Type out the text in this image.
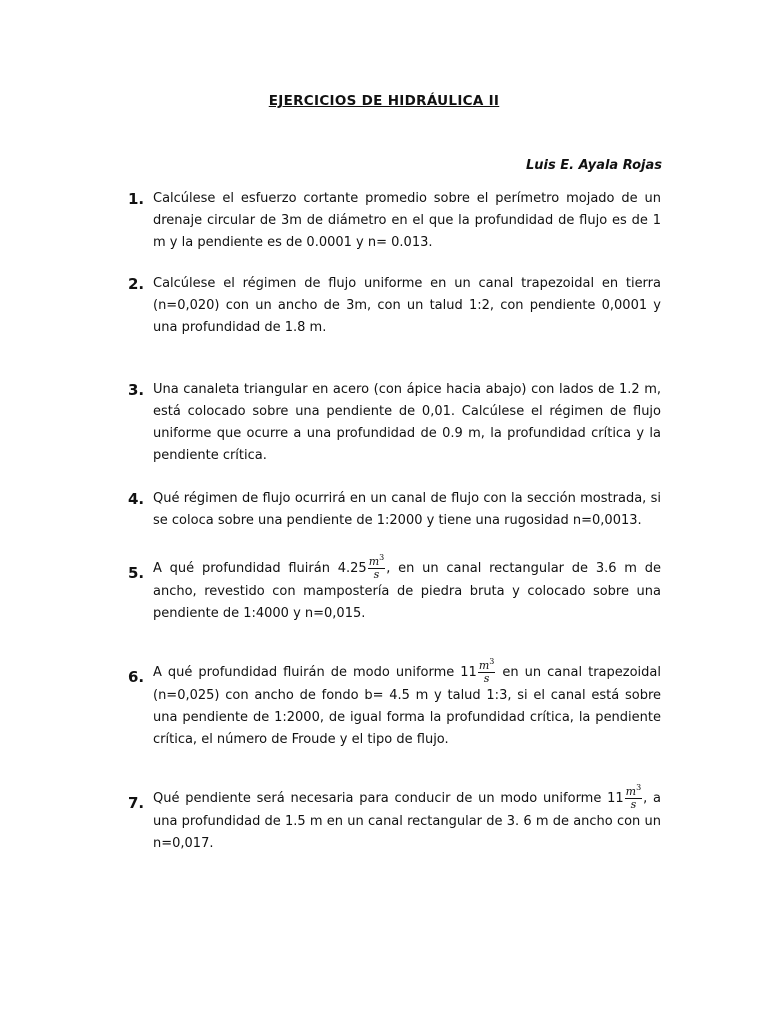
EJERCICIOS DE HIDRÁULICA II
Luis E. Ayala Rojas
1. Calcúlese el esfuerzo cortante promedio sobre el perímetro mojado de un drenaje circular de 3m de diámetro en el que la profundidad de flujo es de 1 m y la pendiente es de 0.0001 y n= 0.013.
2. Calcúlese el régimen de flujo uniforme en un canal trapezoidal en tierra (n=0,020) con un ancho de 3m, con un talud 1:2, con pendiente 0,0001 y una profundidad de 1.8 m.
3. Una canaleta triangular en acero (con ápice hacia abajo) con lados de 1.2 m, está colocado sobre una pendiente de 0,01. Calcúlese el régimen de flujo uniforme que ocurre a una profundidad de 0.9 m, la profundidad crítica y la pendiente crítica.
4. Qué régimen de flujo ocurrirá en un canal de flujo con la sección mostrada, si se coloca sobre una pendiente de 1:2000 y tiene una rugosidad n=0,0013.
5. A qué profundidad fluirán $4.25 \frac{m^3}{s}$ , en un canal rectangular de 3.6 m de ancho, revestido con mampostería de piedra bruta y colocado sobre una pendiente de 1:4000 y n=0,015.
6. A qué profundidad fluirán de modo uniforme $11 \frac{m^3}{s}$ en un canal trapezoidal (n=0,025) con ancho de fondo b= 4.5 m y talud 1:3, si el canal está sobre una pendiente de 1:2000, de igual forma la profundidad crítica, la pendiente crítica, el número de Froude y el tipo de flujo.
7. Qué pendiente será necesaria para conducir de un modo uniforme $11 \frac{m^3}{s}$ , a una profundidad de 1.5 m en un canal rectangular de 3. 6 m de ancho con un n=0,017.
